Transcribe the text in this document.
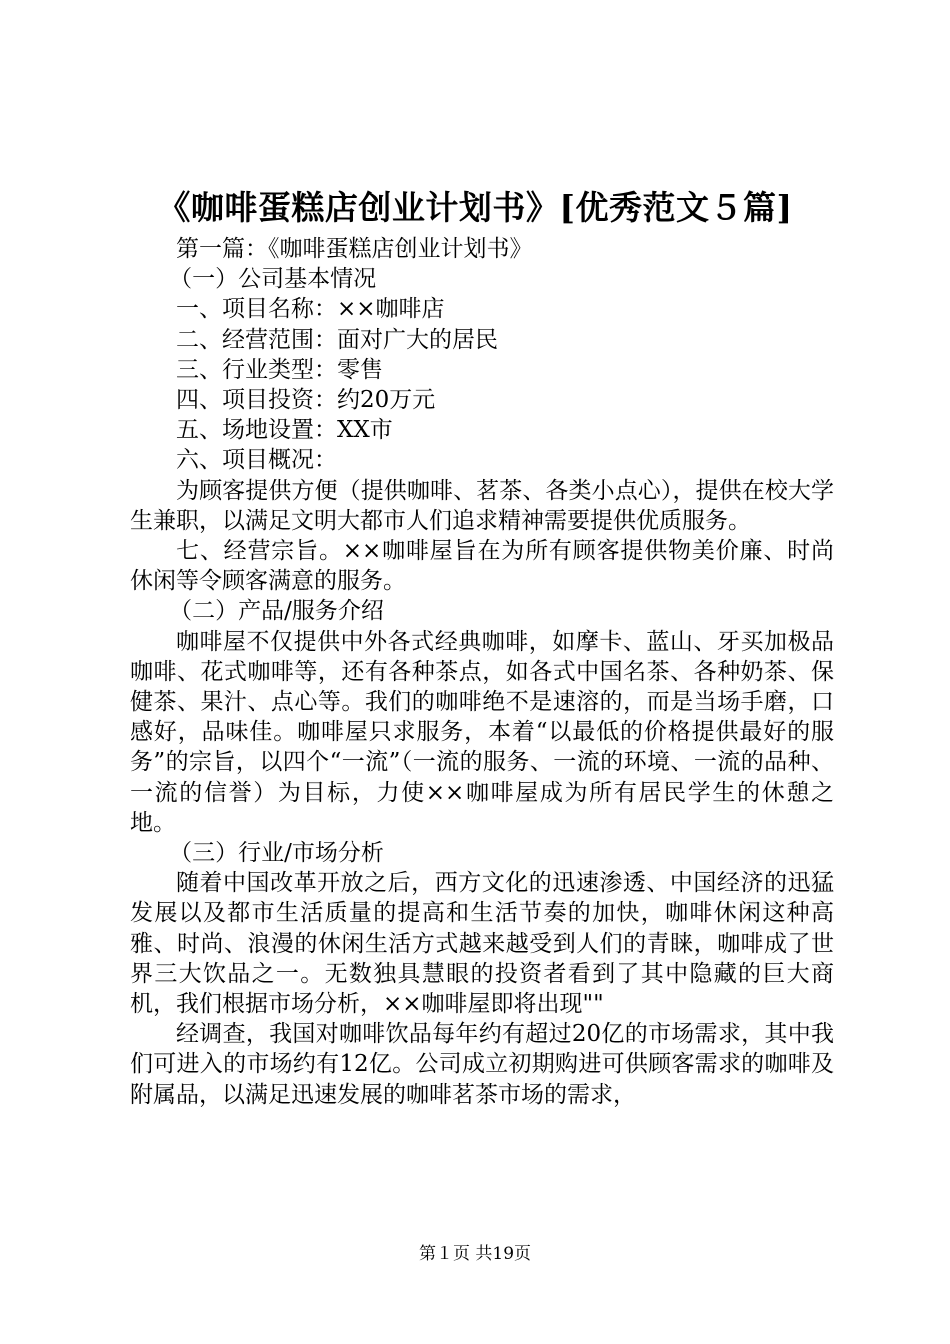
《咖啡蛋糕店创业计划书》[优秀范文５篇]

第一篇：《咖啡蛋糕店创业计划书》

（一）公司基本情况

一、项目名称：××咖啡店

二、经营范围：面对广大的居民

三、行业类型：零售

四、项目投资：约20万元

五、场地设置：XX市

六、项目概况：

为顾客提供方便（提供咖啡、茗茶、各类小点心），提供在校大学生兼职，以满足文明大都市人们追求精神需要提供优质服务。

七、经营宗旨。××咖啡屋旨在为所有顾客提供物美价廉、时尚休闲等令顾客满意的服务。

（二）产品/服务介绍

咖啡屋不仅提供中外各式经典咖啡，如摩卡、蓝山、牙买加极品咖啡、花式咖啡等，还有各种茶点，如各式中国名茶、各种奶茶、保健茶、果汁、点心等。我们的咖啡绝不是速溶的，而是当场手磨，口感好，品味佳。咖啡屋只求服务，本着“以最低的价格提供最好的服务”的宗旨，以四个“一流”（一流的服务、一流的环境、一流的品种、一流的信誉）为目标，力使××咖啡屋成为所有居民学生的休憩之地。

（三）行业/市场分析

随着中国改革开放之后，西方文化的迅速渗透、中国经济的迅猛发展以及都市生活质量的提高和生活节奏的加快，咖啡休闲这种高雅、时尚、浪漫的休闲生活方式越来越受到人们的青睐，咖啡成了世界三大饮品之一。无数独具慧眼的投资者看到了其中隐藏的巨大商机，我们根据市场分析，××咖啡屋即将出现""

经调查，我国对咖啡饮品每年约有超过20亿的市场需求，其中我们可进入的市场约有12亿。公司成立初期购进可供顾客需求的咖啡及附属品，以满足迅速发展的咖啡茗茶市场的需求，

第１页 共19页
